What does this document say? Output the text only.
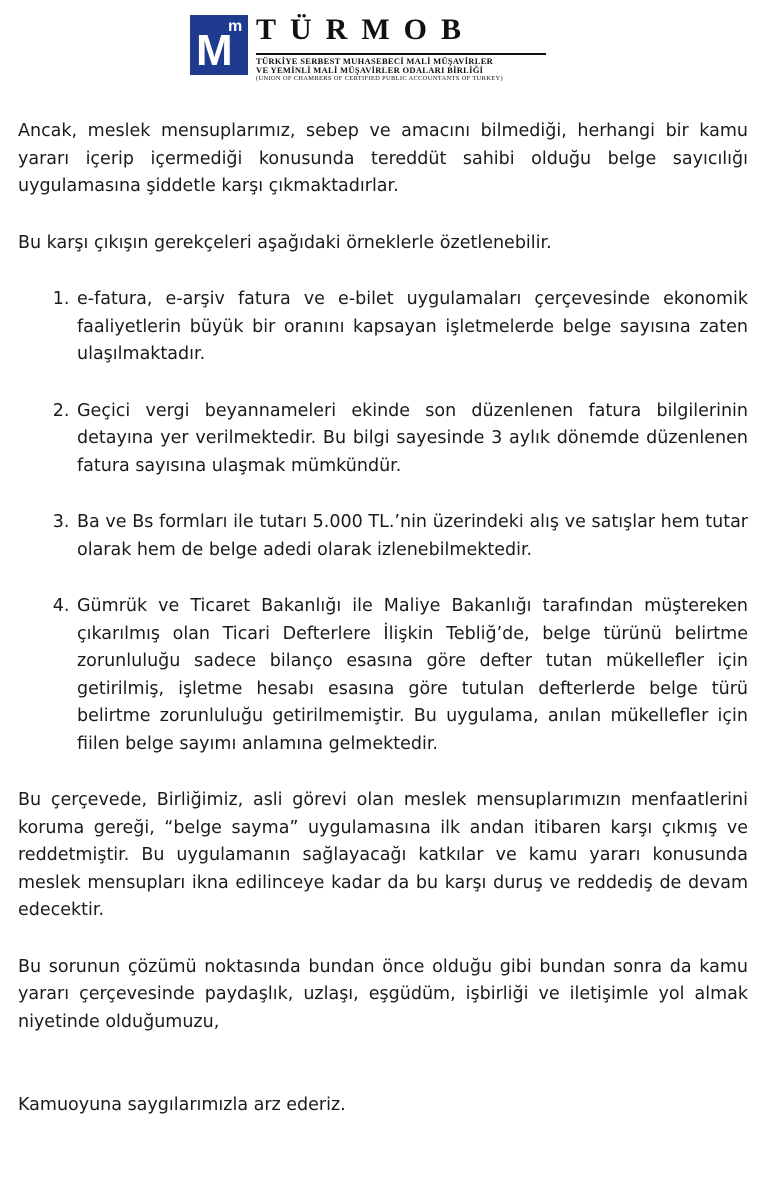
M
m TÜRMOB
TÜRKİYE SERBEST MUHASEBECİ MALİ MÜŞAVİRLER
VE YEMİNLİ MALİ MÜŞAVİRLER ODALARI BİRLİĞİ
(UNION OF CHAMBERS OF CERTIFIED PUBLIC ACCOUNTANTS OF TURKEY)

Ancak, meslek mensuplarımız, sebep ve amacını bilmediği, herhangi bir kamu yararı içerip içermediği konusunda tereddüt sahibi olduğu belge sayıcılığı uygulamasına şiddetle karşı çıkmaktadırlar.

Bu karşı çıkışın gerekçeleri aşağıdaki örneklerle özetlenebilir.

1. e-fatura, e-arşiv fatura ve e-bilet uygulamaları çerçevesinde ekonomik faaliyetlerin büyük bir oranını kapsayan işletmelerde belge sayısına zaten ulaşılmaktadır.
2. Geçici vergi beyannameleri ekinde son düzenlenen fatura bilgilerinin detayına yer verilmektedir. Bu bilgi sayesinde 3 aylık dönemde düzenlenen fatura sayısına ulaşmak mümkündür.
3. Ba ve Bs formları ile tutarı 5.000 TL.’nin üzerindeki alış ve satışlar hem tutar olarak hem de belge adedi olarak izlenebilmektedir.
4. Gümrük ve Ticaret Bakanlığı ile Maliye Bakanlığı tarafından müştereken çıkarılmış olan Ticari Defterlere İlişkin Tebliğ’de, belge türünü belirtme zorunluluğu sadece bilanço esasına göre defter tutan mükellefler için getirilmiş, işletme hesabı esasına göre tutulan defterlerde belge türü belirtme zorunluluğu getirilmemiştir. Bu uygulama, anılan mükellefler için fiilen belge sayımı anlamına gelmektedir.

Bu çerçevede, Birliğimiz, asli görevi olan meslek mensuplarımızın menfaatlerini koruma gereği, “belge sayma” uygulamasına ilk andan itibaren karşı çıkmış ve reddetmiştir. Bu uygulamanın sağlayacağı katkılar ve kamu yararı konusunda meslek mensupları ikna edilinceye kadar da bu karşı duruş ve reddediş de devam edecektir.

Bu sorunun çözümü noktasında bundan önce olduğu gibi bundan sonra da kamu yararı çerçevesinde paydaşlık, uzlaşı, eşgüdüm, işbirliği ve iletişimle yol almak niyetinde olduğumuzu,

Kamuoyuna saygılarımızla arz ederiz.
